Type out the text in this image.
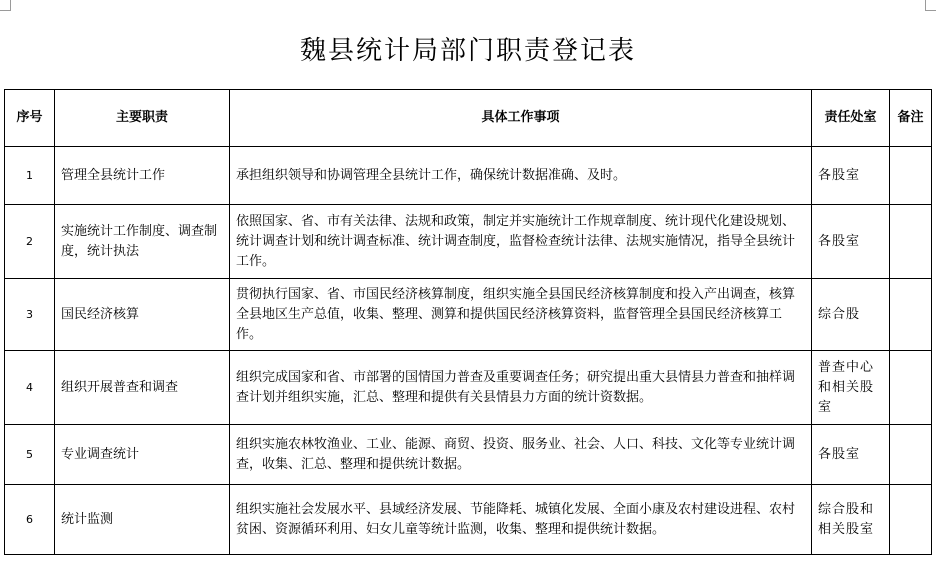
魏县统计局部门职责登记表
序号	主要职责	具体工作事项	责任处室	备注
1	管理全县统计工作	承担组织领导和协调管理全县统计工作，确保统计数据准确、及时。	各股室	
2	实施统计工作制度、调查制度，统计执法	依照国家、省、市有关法律、法规和政策，制定并实施统计工作规章制度、统计现代化建设规划、统计调查计划和统计调查标准、统计调查制度，监督检查统计法律、法规实施情况，指导全县统计工作。	各股室	
3	国民经济核算	贯彻执行国家、省、市国民经济核算制度，组织实施全县国民经济核算制度和投入产出调查，核算全县地区生产总值，收集、整理、测算和提供国民经济核算资料，监督管理全县国民经济核算工作。	综合股	
4	组织开展普查和调查	组织完成国家和省、市部署的国情国力普查及重要调查任务；研究提出重大县情县力普查和抽样调查计划并组织实施，汇总、整理和提供有关县情县力方面的统计资数据。	普查中心和相关股室	
5	专业调查统计	组织实施农林牧渔业、工业、能源、商贸、投资、服务业、社会、人口、科技、文化等专业统计调查，收集、汇总、整理和提供统计数据。	各股室	
6	统计监测	组织实施社会发展水平、县域经济发展、节能降耗、城镇化发展、全面小康及农村建设进程、农村贫困、资源循环利用、妇女儿童等统计监测，收集、整理和提供统计数据。	综合股和相关股室	
